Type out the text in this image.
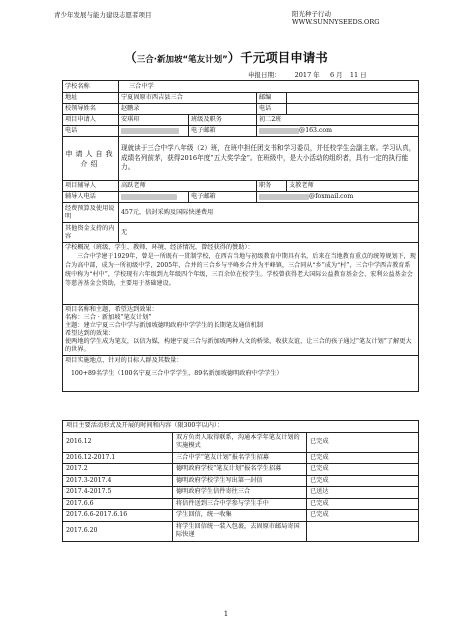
青少年发展与能力建设志愿者项目	阳光种子行动
WWW.SUNNYSEEDS.ORG
（三合·新加坡“笔友计划”）千元项目申请书
申报日期： 2017 年 6 月 11 日
学校名称	三合中学			
地址	宁夏固原市西吉县三合		邮编	
校领导姓名	赵鹏录		电话	
项目申请人	安琪印	班级及职务	初二2班	
电话		电子邮箱	@163.com	
申请人自我介绍	现就读于三合中学八年级（2）班，在班中担任团支书和学习委员，并任校学生会副主席。学习认真，成绩名列前茅，获得2016年度“五大奖学金”。在班级中，是大小活动的组织者，具有一定的执行能力。			
项目辅导人	高跃老师		职务	支教老师
辅导人电话		电子邮箱	@foxmail.com	
经费预算及使用说明	457元，信封采购及国际快递费用			
其他资金支持的内容	无			

学校概况（班级、学生、教师、环境、经济情况、曾经获得的赞助）：
三合中学建于1929年，曾是一所既有一贯制学校，在西吉当地与初级教育中期具有名，后来在当地教育重点的统筹规划下，现合为高中部，成为一所初级中学，2005年，合并的三合乡与平峰乡合并为平峰镇，三合同从“乡”成为“村”，三合中学西吉教育系统中称为“村中”，学校现有六年级到九年级四个年级，三百余位在校学生。学校曾获得老大国际公益教育基金会、宏利公益基金会等慈善基金会资助，主要用于基础建设。				

项目名称和主题，希望达到效果：
名称：三合 · 新加坡“笔友计划”
主题：建立宁夏三合中学与新加坡德明政府中学学生的长期笔友通信机制
希望达到的效果：
使两地的学生成为笔友，以信为媒，构建宁夏三合与新加坡两种人文的桥梁，收获友谊，让三合的孩子通过“笔友计划”了解更大的世界。				

项目实施地点、针对的目标人群及其数量：
100+89名学生（100名宁夏三合中学学生，89名新加坡德明政府中学学生）				
项目主要活动形式及开展的时间和内容（限300字以内）：		
2016.12	双方负责人取得联系，沟通本学年笔友计划的实施模式	已完成
2016.12-2017.1	三合中学“笔友计划”报名学生招募	已完成
2017.2	德明政府学校“笔友计划”报名学生招募	已完成
2017.3-2017.4	德明政府学校学生写出第一封信	已完成
2017.4-2017.5	德明政府学生信件寄往三合	已送达
2017.6.6	将信件送到三合中学参与学生手中	已完成
2017.6.6-2017.6.16	学生回信，统一收集	已完成
2017.6.20	将学生回信统一装入包裹，去固原市邮局寄国际快递	
1
